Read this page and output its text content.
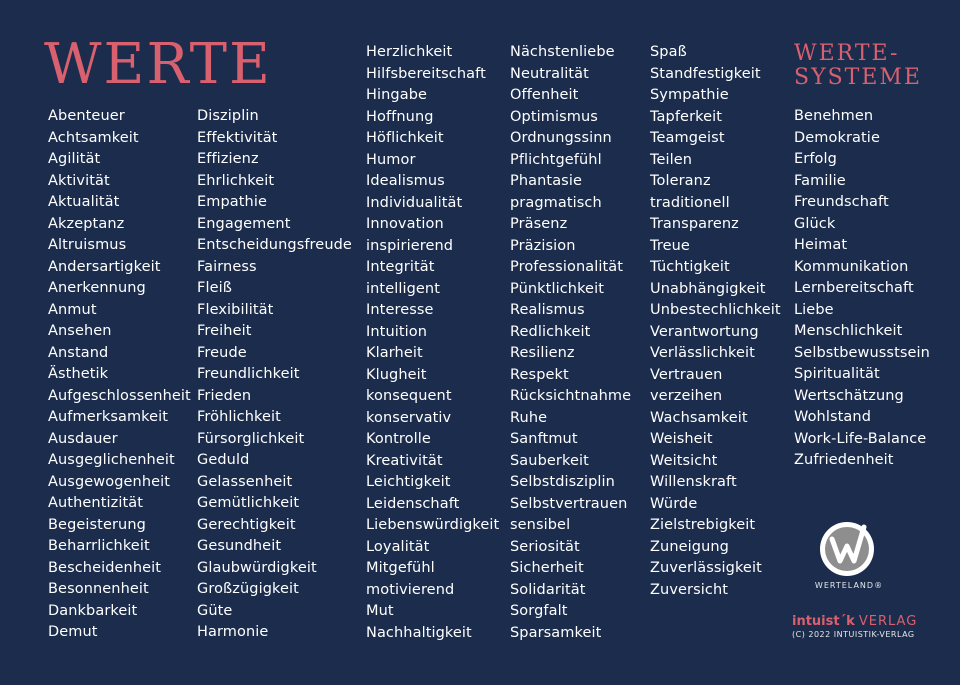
WERTE	WERTE-
SYSTEME
Abenteuer
Achtsamkeit
Agilität
Aktivität
Aktualität
Akzeptanz
Altruismus
Andersartigkeit
Anerkennung
Anmut
Ansehen
Anstand
Ästhetik
Aufgeschlossenheit
Aufmerksamkeit
Ausdauer
Ausgeglichenheit
Ausgewogenheit
Authentizität
Begeisterung
Beharrlichkeit
Bescheidenheit
Besonnenheit
Dankbarkeit
Demut
Disziplin
Effektivität
Effizienz
Ehrlichkeit
Empathie
Engagement
Entscheidungsfreude
Fairness
Fleiß
Flexibilität
Freiheit
Freude
Freundlichkeit
Frieden
Fröhlichkeit
Fürsorglichkeit
Geduld
Gelassenheit
Gemütlichkeit
Gerechtigkeit
Gesundheit
Glaubwürdigkeit
Großzügigkeit
Güte
Harmonie
Herzlichkeit
Hilfsbereitschaft
Hingabe
Hoffnung
Höflichkeit
Humor
Idealismus
Individualität
Innovation
inspirierend
Integrität
intelligent
Interesse
Intuition
Klarheit
Klugheit
konsequent
konservativ
Kontrolle
Kreativität
Leichtigkeit
Leidenschaft
Liebenswürdigkeit
Loyalität
Mitgefühl
motivierend
Mut
Nachhaltigkeit
Nächstenliebe
Neutralität
Offenheit
Optimismus
Ordnungssinn
Pflichtgefühl
Phantasie
pragmatisch
Präsenz
Präzision
Professionalität
Pünktlichkeit
Realismus
Redlichkeit
Resilienz
Respekt
Rücksichtnahme
Ruhe
Sanftmut
Sauberkeit
Selbstdisziplin
Selbstvertrauen
sensibel
Seriosität
Sicherheit
Solidarität
Sorgfalt
Sparsamkeit
Spaß
Standfestigkeit
Sympathie
Tapferkeit
Teamgeist
Teilen
Toleranz
traditionell
Transparenz
Treue
Tüchtigkeit
Unabhängigkeit
Unbestechlichkeit
Verantwortung
Verlässlichkeit
Vertrauen
verzeihen
Wachsamkeit
Weisheit
Weitsicht
Willenskraft
Würde
Zielstrebigkeit
Zuneigung
Zuverlässigkeit
Zuversicht
Benehmen
Demokratie
Erfolg
Familie
Freundschaft
Glück
Heimat
Kommunikation
Lernbereitschaft
Liebe
Menschlichkeit
Selbstbewusstsein
Spiritualität
Wertschätzung
Wohlstand
Work-Life-Balance
Zufriedenheit
WERTELAND®
intuist´k VERLAG
(C) 2022 INTUISTIK-VERLAG
